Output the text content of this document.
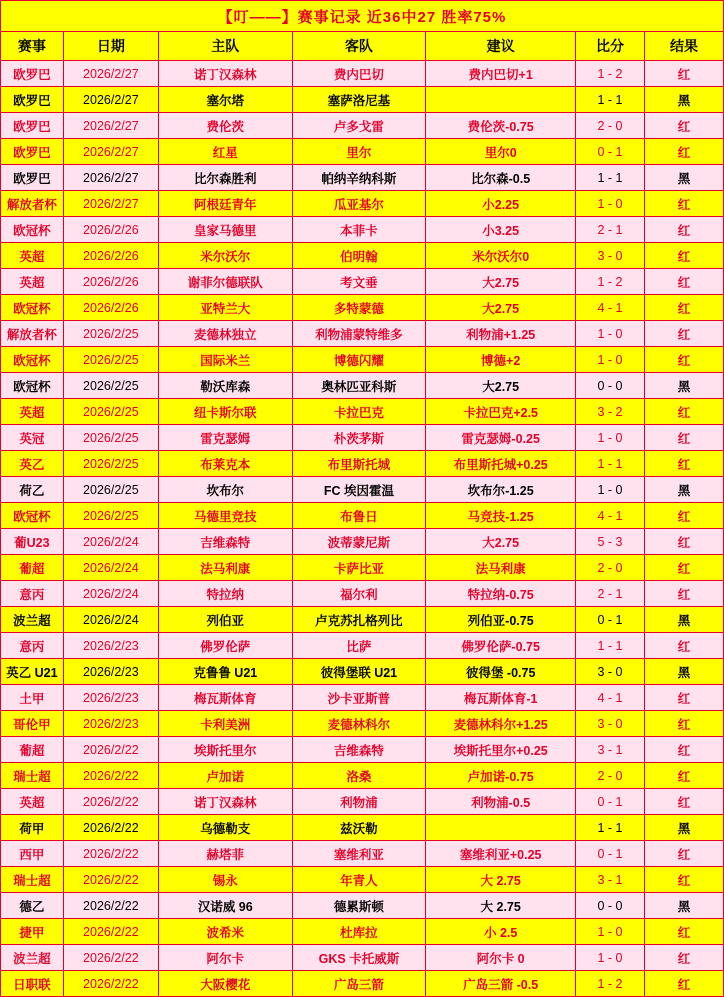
【叮——】赛事记录 近36中27 胜率75%						
赛事	日期	主队	客队	建议	比分	结果
欧罗巴	2026/2/27	诺丁汉森林	费内巴切	费内巴切+1	1 - 2	红
欧罗巴	2026/2/27	塞尔塔	塞萨洛尼基		1 - 1	黑
欧罗巴	2026/2/27	费伦茨	卢多戈雷	费伦茨-0.75	2 - 0	红
欧罗巴	2026/2/27	红星	里尔	里尔0	0 - 1	红
欧罗巴	2026/2/27	比尔森胜利	帕纳辛纳科斯	比尔森-0.5	1 - 1	黑
解放者杯	2026/2/27	阿根廷青年	瓜亚基尔	小2.25	1 - 0	红
欧冠杯	2026/2/26	皇家马德里	本菲卡	小3.25	2 - 1	红
英超	2026/2/26	米尔沃尔	伯明翰	米尔沃尔0	3 - 0	红
英超	2026/2/26	谢菲尔德联队	考文垂	大2.75	1 - 2	红
欧冠杯	2026/2/26	亚特兰大	多特蒙德	大2.75	4 - 1	红
解放者杯	2026/2/25	麦德林独立	利物浦蒙特维多	利物浦+1.25	1 - 0	红
欧冠杯	2026/2/25	国际米兰	博德闪耀	博德+2	1 - 0	红
欧冠杯	2026/2/25	勒沃库森	奥林匹亚科斯	大2.75	0 - 0	黑
英超	2026/2/25	纽卡斯尔联	卡拉巴克	卡拉巴克+2.5	3 - 2	红
英冠	2026/2/25	雷克瑟姆	朴茨茅斯	雷克瑟姆-0.25	1 - 0	红
英乙	2026/2/25	布莱克本	布里斯托城	布里斯托城+0.25	1 - 1	红
荷乙	2026/2/25	坎布尔	FC 埃因霍温	坎布尔-1.25	1 - 0	黑
欧冠杯	2026/2/25	马德里竞技	布鲁日	马竞技-1.25	4 - 1	红
葡U23	2026/2/24	吉维森特	波蒂蒙尼斯	大2.75	5 - 3	红
葡超	2026/2/24	法马利康	卡萨比亚	法马利康	2 - 0	红
意丙	2026/2/24	特拉纳	福尔利	特拉纳-0.75	2 - 1	红
波兰超	2026/2/24	列伯亚	卢克苏扎格列比	列伯亚-0.75	0 - 1	黑
意丙	2026/2/23	佛罗伦萨	比萨	佛罗伦萨-0.75	1 - 1	红
英乙 U21	2026/2/23	克鲁鲁 U21	彼得堡联 U21	彼得堡 -0.75	3 - 0	黑
土甲	2026/2/23	梅瓦斯体育	沙卡亚斯普	梅瓦斯体育-1	4 - 1	红
哥伦甲	2026/2/23	卡利美洲	麦德林科尔	麦德林科尔+1.25	3 - 0	红
葡超	2026/2/22	埃斯托里尔	吉维森特	埃斯托里尔+0.25	3 - 1	红
瑞士超	2026/2/22	卢加诺	洛桑	卢加诺-0.75	2 - 0	红
英超	2026/2/22	诺丁汉森林	利物浦	利物浦-0.5	0 - 1	红
荷甲	2026/2/22	乌德勒支	兹沃勒		1 - 1	黑
西甲	2026/2/22	赫塔菲	塞维利亚	塞维利亚+0.25	0 - 1	红
瑞士超	2026/2/22	锡永	年青人	大 2.75	3 - 1	红
德乙	2026/2/22	汉诺威 96	德累斯顿	大 2.75	0 - 0	黑
捷甲	2026/2/22	波希米	杜库拉	小 2.5	1 - 0	红
波兰超	2026/2/22	阿尔卡	GKS 卡托威斯	阿尔卡 0	1 - 0	红
日职联	2026/2/22	大阪樱花	广岛三箭	广岛三箭 -0.5	1 - 2	红
